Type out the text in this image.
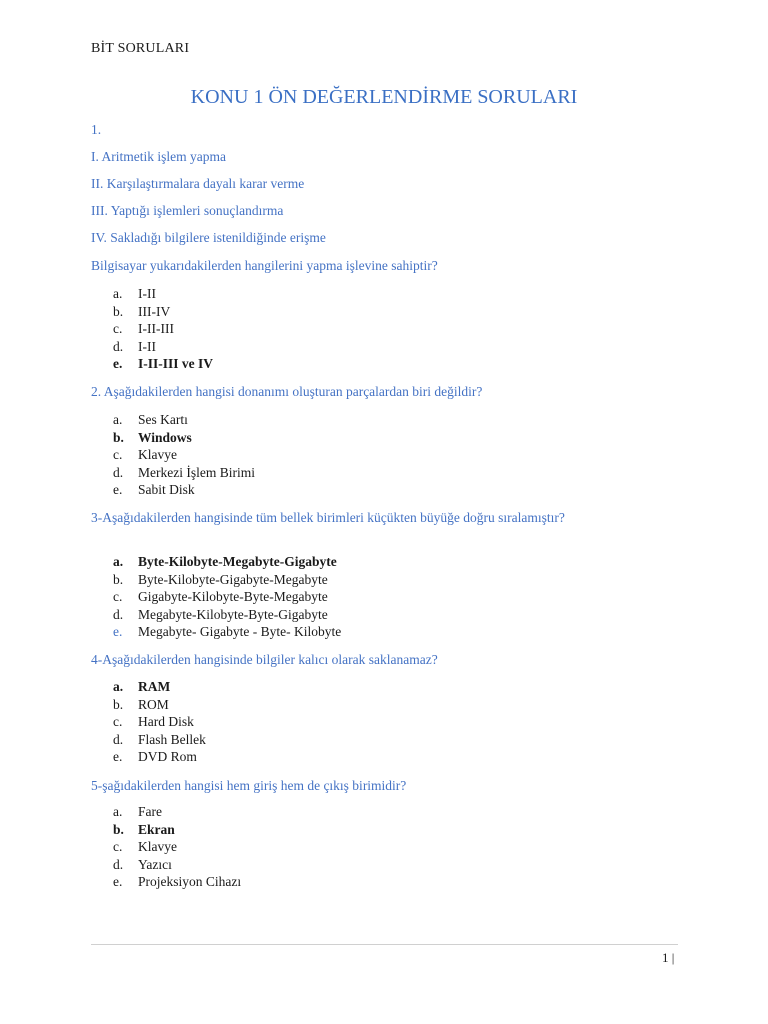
BİT SORULARI
KONU 1 ÖN DEĞERLENDİRME SORULARI
1.
I. Aritmetik işlem yapma
II. Karşılaştırmalara dayalı karar verme
III. Yaptığı işlemleri sonuçlandırma
IV. Sakladığı bilgilere istenildiğinde erişme
Bilgisayar yukarıdakilerden hangilerini yapma işlevine sahiptir?
a.	I-II
b.	III-IV
c.	I-II-III
d.	I-II
e.	I-II-III ve IV
2. Aşağıdakilerden hangisi donanımı oluşturan parçalardan biri değildir?
a.	Ses Kartı
b.	Windows
c.	Klavye
d.	Merkezi İşlem Birimi
e.	Sabit Disk
3-Aşağıdakilerden hangisinde tüm bellek birimleri küçükten büyüğe doğru sıralamıştır?
a.	Byte-Kilobyte-Megabyte-Gigabyte
b.	Byte-Kilobyte-Gigabyte-Megabyte
c.	Gigabyte-Kilobyte-Byte-Megabyte
d.	Megabyte-Kilobyte-Byte-Gigabyte
e.	Megabyte- Gigabyte - Byte- Kilobyte
4-Aşağıdakilerden hangisinde bilgiler kalıcı olarak saklanamaz?
a.	RAM
b.	ROM
c.	Hard Disk
d.	Flash Bellek
e.	DVD Rom
5-şağıdakilerden hangisi hem giriş hem de çıkış birimidir?
a.	Fare
b.	Ekran
c.	Klavye
d.	Yazıcı
e.	Projeksiyon Cihazı
1 |
